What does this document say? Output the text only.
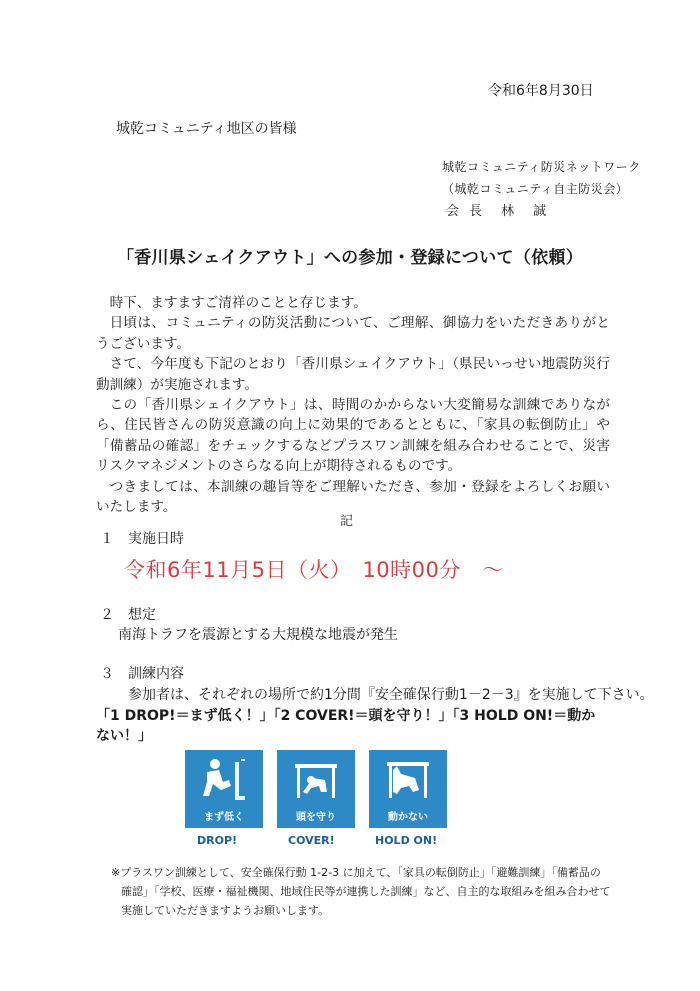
令和6年8月30日
城乾コミュニティ地区の皆様
城乾コミュニティ防災ネットワーク
（城乾コミュニティ自主防災会）
会 長　林　誠
「香川県シェイクアウト」への参加・登録について（依頼）

時下、ますますご清祥のことと存じます。

日頃は、コミュニティの防災活動について、ご理解、御協力をいただきありがとうございます。

さて、今年度も下記のとおり「香川県シェイクアウト」（県民いっせい地震防災行動訓練）が実施されます。

この「香川県シェイクアウト」は、時間のかからない大変簡易な訓練でありながら、住民皆さんの防災意識の向上に効果的であるとともに、「家具の転倒防止」や「備蓄品の確認」をチェックするなどプラスワン訓練を組み合わせることで、災害リスクマネジメントのさらなる向上が期待されるものです。

つきましては、本訓練の趣旨等をご理解いただき、参加・登録をよろしくお願いいたします。

記
１　実施日時
令和6年11月5日（火）　10時00分　～
２　想定
南海トラフを震源とする大規模な地震が発生
３　訓練内容
参加者は、それぞれの場所で約1分間『安全確保行動1－2－3』を実施して下さい。
「1 DROP!＝まず低く！」「2 COVER!＝頭を守り！」「3 HOLD ON!＝動かない！」
まず低く	頭を守り	動かない
DROP!	COVER!	HOLD ON!

※プラスワン訓練として、安全確保行動 1-2-3 に加えて、「家具の転倒防止」「避難訓練」「備蓄品の

確認」「学校、医療・福祉機関、地域住民等が連携した訓練」など、自主的な取組みを組み合わせて

実施していただきますようお願いします。
